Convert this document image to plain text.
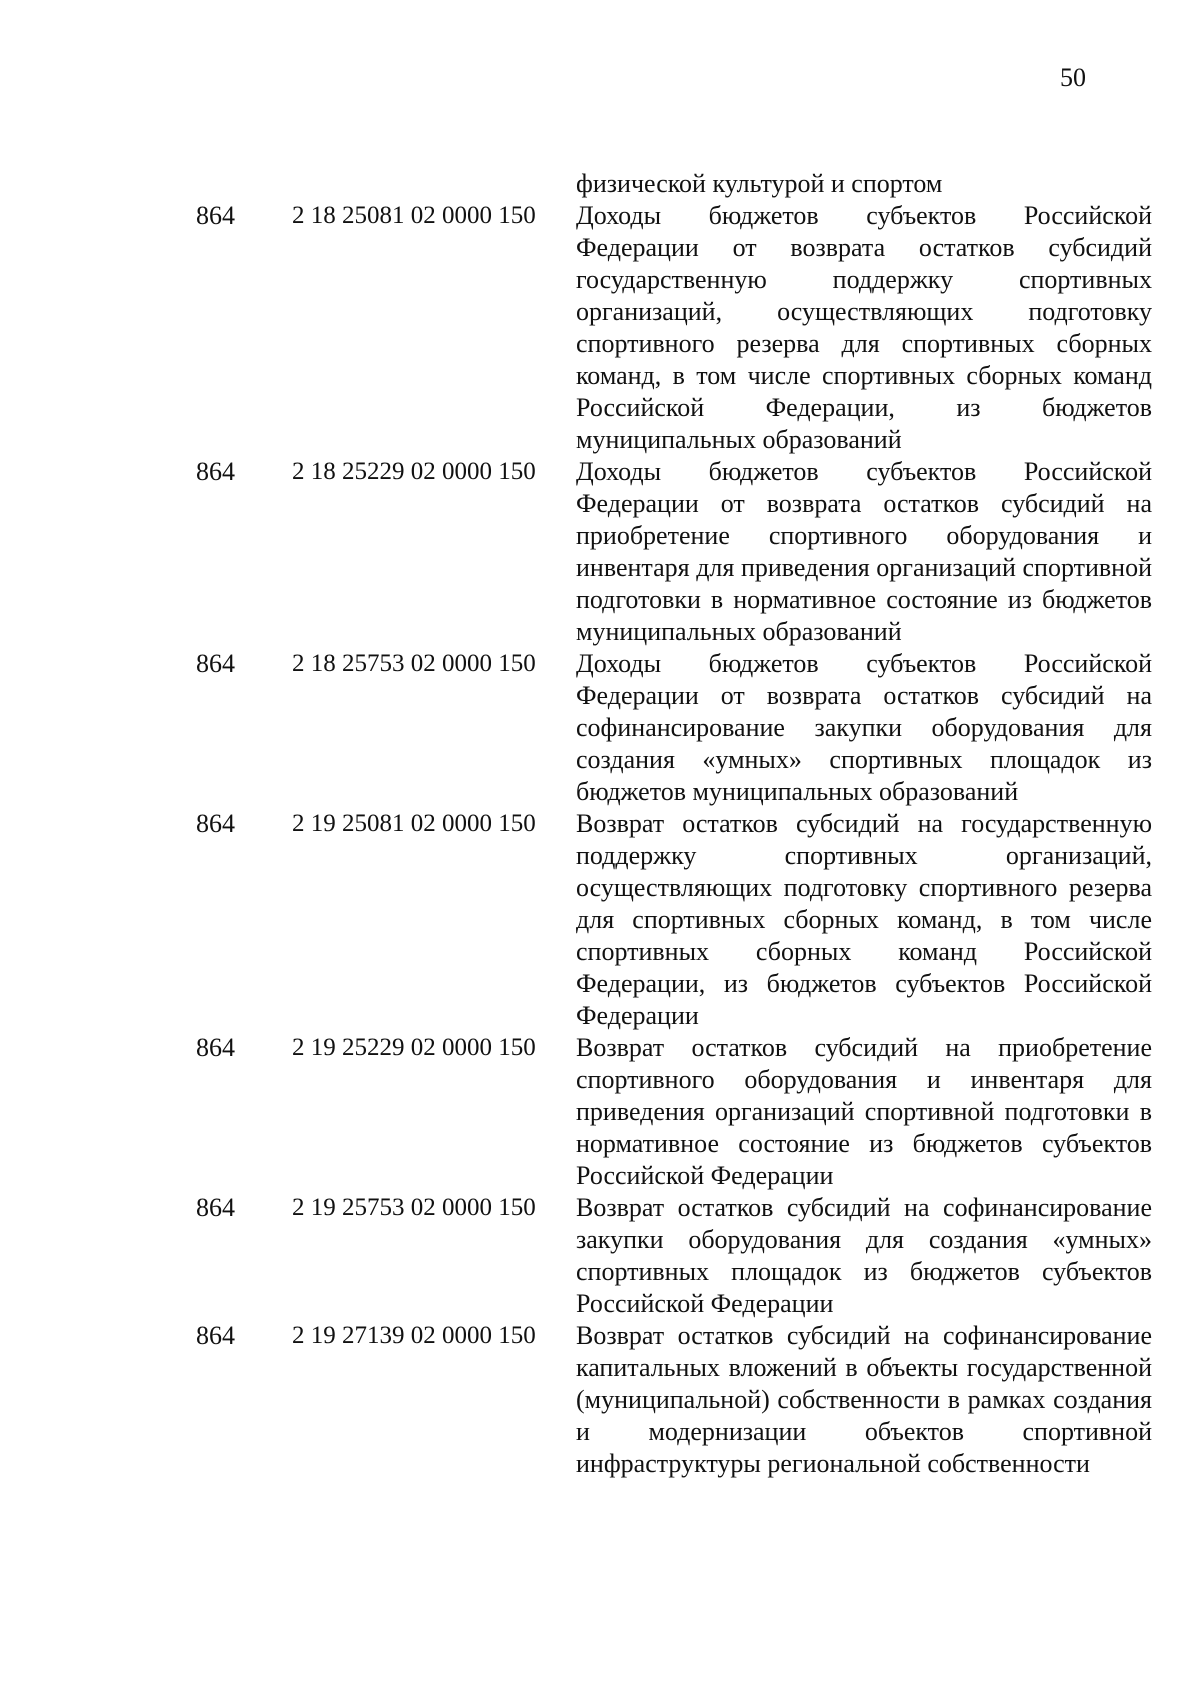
50
физической культурой и спортом
864	2 18 25081 02 0000 150	Доходы бюджетов субъектов Российской Федерации от возврата остатков субсидий государственную поддержку спортивных организаций, осуществляющих подготовку спортивного резерва для спортивных сборных команд, в том числе спортивных сборных команд Российской Федерации, из бюджетов муниципальных образований
864	2 18 25229 02 0000 150	Доходы бюджетов субъектов Российской Федерации от возврата остатков субсидий на приобретение спортивного оборудования и инвентаря для приведения организаций спортивной подготовки в нормативное состояние из бюджетов муниципальных образований
864	2 18 25753 02 0000 150	Доходы бюджетов субъектов Российской Федерации от возврата остатков субсидий на софинансирование закупки оборудования для создания «умных» спортивных площадок из бюджетов муниципальных образований
864	2 19 25081 02 0000 150	Возврат остатков субсидий на государственную поддержку спортивных организаций, осуществляющих подготовку спортивного резерва для спортивных сборных команд, в том числе спортивных сборных команд Российской Федерации, из бюджетов субъектов Российской Федерации
864	2 19 25229 02 0000 150	Возврат остатков субсидий на приобретение спортивного оборудования и инвентаря для приведения организаций спортивной подготовки в нормативное состояние из бюджетов субъектов Российской Федерации
864	2 19 25753 02 0000 150	Возврат остатков субсидий на софинансирование закупки оборудования для создания «умных» спортивных площадок из бюджетов субъектов Российской Федерации
864	2 19 27139 02 0000 150	Возврат остатков субсидий на софинансирование капитальных вложений в объекты государственной (муниципальной) собственности в рамках создания и модернизации объектов спортивной инфраструктуры региональной собственности
